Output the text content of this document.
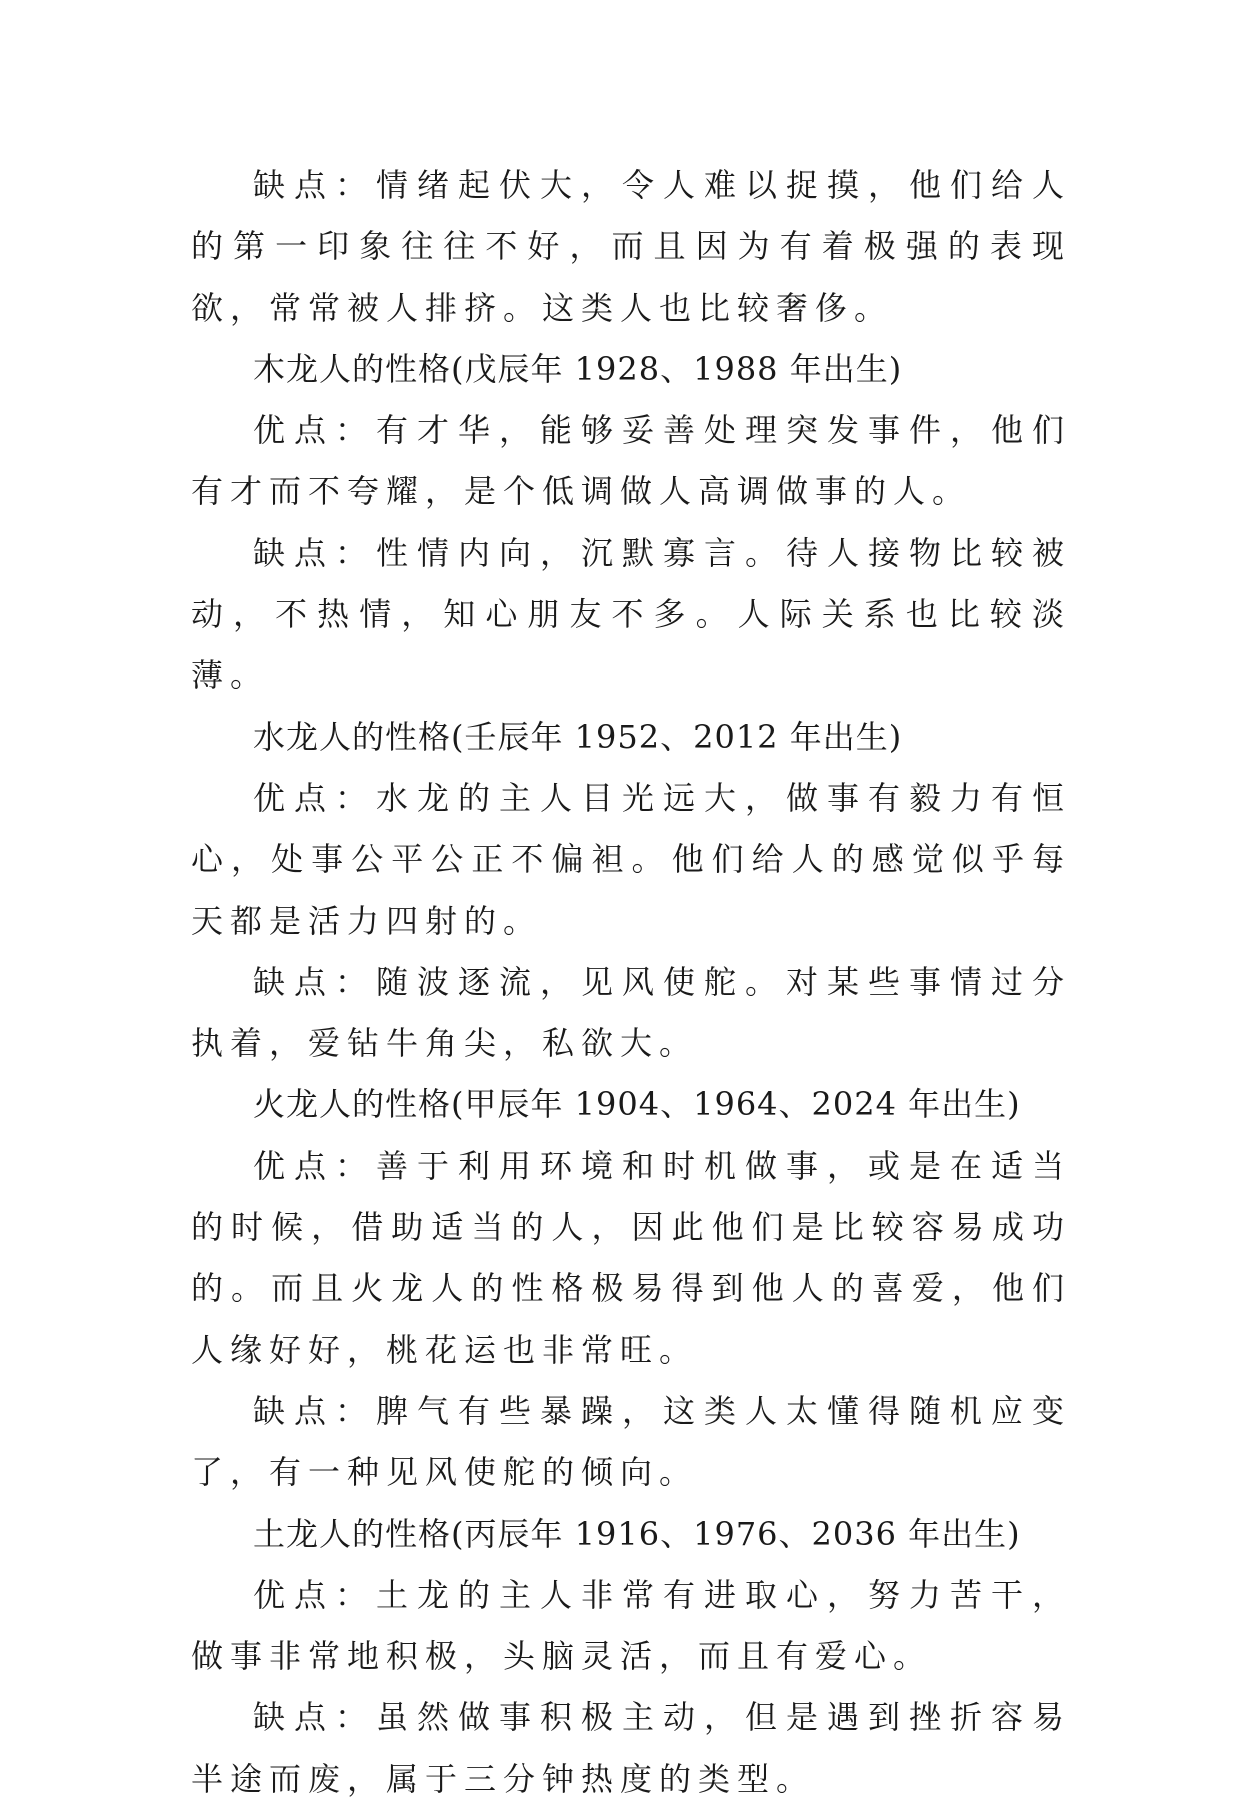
缺点：情绪起伏大，令人难以捉摸，他们给人的第一印象往往不好，而且因为有着极强的表现欲，常常被人排挤。这类人也比较奢侈。

木龙人的性格(戊辰年 1928、1988 年出生)

优点：有才华，能够妥善处理突发事件，他们有才而不夸耀，是个低调做人高调做事的人。

缺点：性情内向，沉默寡言。待人接物比较被动，不热情，知心朋友不多。人际关系也比较淡薄。

水龙人的性格(壬辰年 1952、2012 年出生)

优点：水龙的主人目光远大，做事有毅力有恒心，处事公平公正不偏袒。他们给人的感觉似乎每天都是活力四射的。

缺点：随波逐流，见风使舵。对某些事情过分执着，爱钻牛角尖，私欲大。

火龙人的性格(甲辰年 1904、1964、2024 年出生)

优点：善于利用环境和时机做事，或是在适当的时候，借助适当的人，因此他们是比较容易成功的。而且火龙人的性格极易得到他人的喜爱，他们人缘好好，桃花运也非常旺。

缺点：脾气有些暴躁，这类人太懂得随机应变了，有一种见风使舵的倾向。

土龙人的性格(丙辰年 1916、1976、2036 年出生)

优点：土龙的主人非常有进取心，努力苦干，做事非常地积极，头脑灵活，而且有爱心。

缺点：虽然做事积极主动，但是遇到挫折容易半途而废，属于三分钟热度的类型。
